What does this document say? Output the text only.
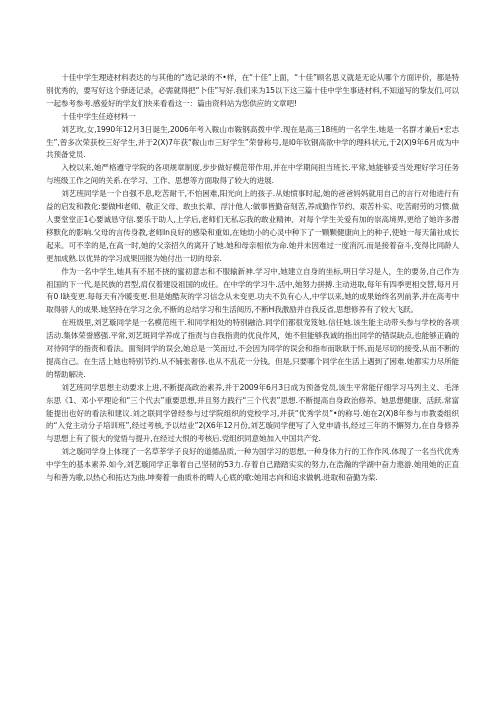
十佳中学生理迹材料表达的与其他的“选记录的不•样，在“十佳”上面，“十佳”顾名思义就是无论从哪个方面评价，都是特别优秀的，要写好这个驿迹记录，必需就得把“卜佳”写好.我们来为15以下这三篇十佳中学生事迹材料,不知道写的挚友们,可以一起参考参考.感爱好的学友们快来看看这一：篇由资料站为您供应的文章吧!

十佳中学生任迹材料一

刘艺玫,女,1990年12月3日诞生,2006年考入鞍山市鞍钢高拨中学.现在是高三18班的一名学生.她是一名群才兼后•宏志生”,曾多次荣获校三好学生,并于2(X)7年获“鞍山市三好学生”荣誉称号,是I0年钦钢高欲中学的理科状元,于2(X)9年6月成为中共预备党员.

入校以来,她严格遵守学院的各项规章制度,步步做好模范带作用,并在中学期间担当班长.平常,她能够妥当处理好学习任务与班级工作之间的关系.在学习、工作、思想等方面取得了较大的进展.

刘艺班同学是一个自强不息,吃苦耐干,不怕困难,阳光向上的孩子.从她愤事时起,她的爸爸妈妈就用自己的言行对他进行有益的启发和教化:要做Hi老师、敬正父母、敢虫长辈、浮汁他人:做事皆勤奋刻苦,养成勤作节约、艰苦朴实、吃苦耐劳的习惯.做人要堂堂正1心要诚恳守信.要乐于助人,上学后,老师们无私忘我的敢业精神、对每个学生关爱有加的崇高境界,更给了她许多潜移默化的影响.父母的言传身教,老师In良好的感染和重如,在她幼小的心灵中种下了一颗颗健康向上的种子,使她一每天蒲社成长起来。可不幸的是,在高一时,她的父亲招久的离开了她.她和母亲相依为命.她并未因难过一度消沉.而是接着奋斗,变得比同龄人更加成熟.以优异的学习成果回报为她付出一切的母亲.

作为一名中学生,她具有不屈不挠的蜜初意志和不服输新神.学习中,她建立自身的坐标,明日学习是人，生的要务,自己作为祖国的下一代,是民族的君型,肩仅着建设祖国的成任。在中学的学习牛.活中,她努力拼搏.主动进取,每年有四季更相交替,每月月有0 l缺变更.每每天有冷暖变更.但是她酷灰的学习信念从未变更.功夫不负有心人,中学以来,她的成果始终名列前茅,并在高考中取得骄人的成果.她坚持在学习之余,不断的总结学习和生活阅历,不断H我激励并自我反省,思想修养有了较大飞跃。

在班级里,刘艺璇同学是一名模范班干.和同学相处的特别融洽.同学们都很宠笈她.信任她.该生能主动带头参与学校的各项活动.集体荣誉感强.平常,刘艺斑同学养成了指责与自我指责的优良作风，她不但能够我诚的指出同学的错误缺点,也能够正确的对待同学的指责和看法。面刻同学的误会,她总是一笑而过,不会因为同学的误会和指布而耿耿于怀,而是尽切的接受,从而不断的提高自己。在生活上她也特别节约.从不铺张奢侈.也从不乱花一分钱。但是,只要哪个同学在生活上遇到了困难.她都实力尽所能的帮助解决.

刘艺班同学思想主动要求上进,不断提高政治素养,并于2009年6月3日成为预备党员,该生平常能仔细学习马列主义、毛泽东思《1、邓小平理论和“三个代去”重要思想,并且努力践行“三个代表”思想.不断提高自身政治修养。她思想健康、活跃.常富能提出也好的看法和建议.刘之联同学曾经参与过学院组织的党校学习,并获“优秀学员”•的称号.她在2(X)8年参与市教委组织的“入党主动分子培训班”,经过考核,予以结业”2(X6年12月份,刘艺璇同学便写了入党申请书,经过三年的不懈努力,在自身修养与思想上有了很大的觉悟与提升,在经过大恨的考核后.党组织同意她加入中国共产党.

刘之璇同学身上体现了一名草莘学子良好的道德品质,一种为国学习的思想,一种身体力行的工作作风.体现了一名当代优秀中学生的基本素养.如今,刘艺璇同学正靠着自己坚韧的53力.存着自己踏踏实实的努力,在浩瀚的学湖中奋力遨游.她用她的正直与和善为歌,以热心和拓达为曲.坤奏着一曲质朴的畴人心底的歌:她用志向和追求做帆.进取和奋勤为桨.
